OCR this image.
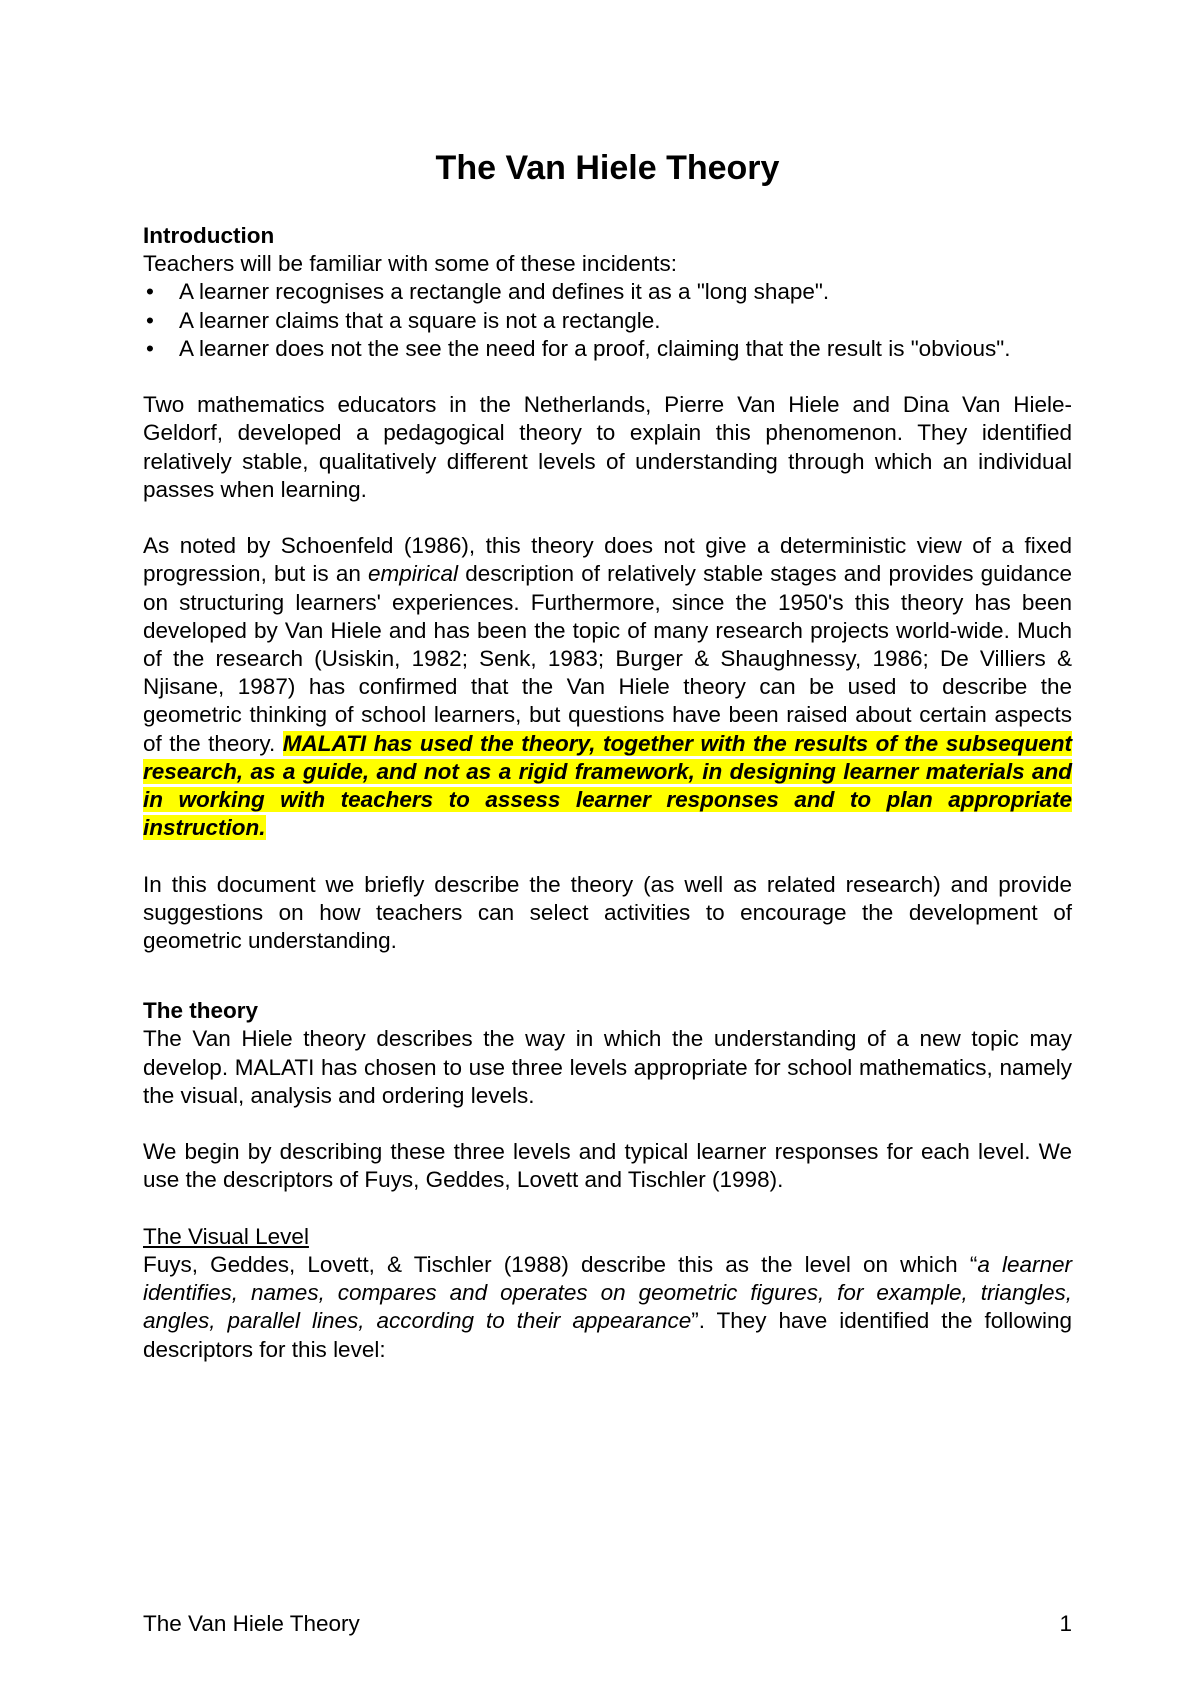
The Van Hiele Theory

Introduction

Teachers will be familiar with some of these incidents:

• A learner recognises a rectangle and defines it as a "long shape".
• A learner claims that a square is not a rectangle.
• A learner does not the see the need for a proof, claiming that the result is "obvious".

Two mathematics educators in the Netherlands, Pierre Van Hiele and Dina Van Hiele-Geldorf, developed a pedagogical theory to explain this phenomenon. They identified relatively stable, qualitatively different levels of understanding through which an individual passes when learning.

As noted by Schoenfeld (1986), this theory does not give a deterministic view of a fixed progression, but is an empirical description of relatively stable stages and provides guidance on structuring learners' experiences. Furthermore, since the 1950's this theory has been developed by Van Hiele and has been the topic of many research projects world-wide. Much of the research (Usiskin, 1982; Senk, 1983; Burger & Shaughnessy, 1986; De Villiers & Njisane, 1987) has confirmed that the Van Hiele theory can be used to describe the geometric thinking of school learners, but questions have been raised about certain aspects of the theory. MALATI has used the theory, together with the results of the subsequent research, as a guide, and not as a rigid framework, in designing learner materials and in working with teachers to assess learner responses and to plan appropriate instruction.

In this document we briefly describe the theory (as well as related research) and provide suggestions on how teachers can select activities to encourage the development of geometric understanding.

The theory

The Van Hiele theory describes the way in which the understanding of a new topic may develop. MALATI has chosen to use three levels appropriate for school mathematics, namely the visual, analysis and ordering levels.

We begin by describing these three levels and typical learner responses for each level. We use the descriptors of Fuys, Geddes, Lovett and Tischler (1998).

The Visual Level

Fuys, Geddes, Lovett, & Tischler (1988) describe this as the level on which “a learner identifies, names, compares and operates on geometric figures, for example, triangles, angles, parallel lines, according to their appearance”. They have identified the following descriptors for this level:

The Van Hiele Theory	1
